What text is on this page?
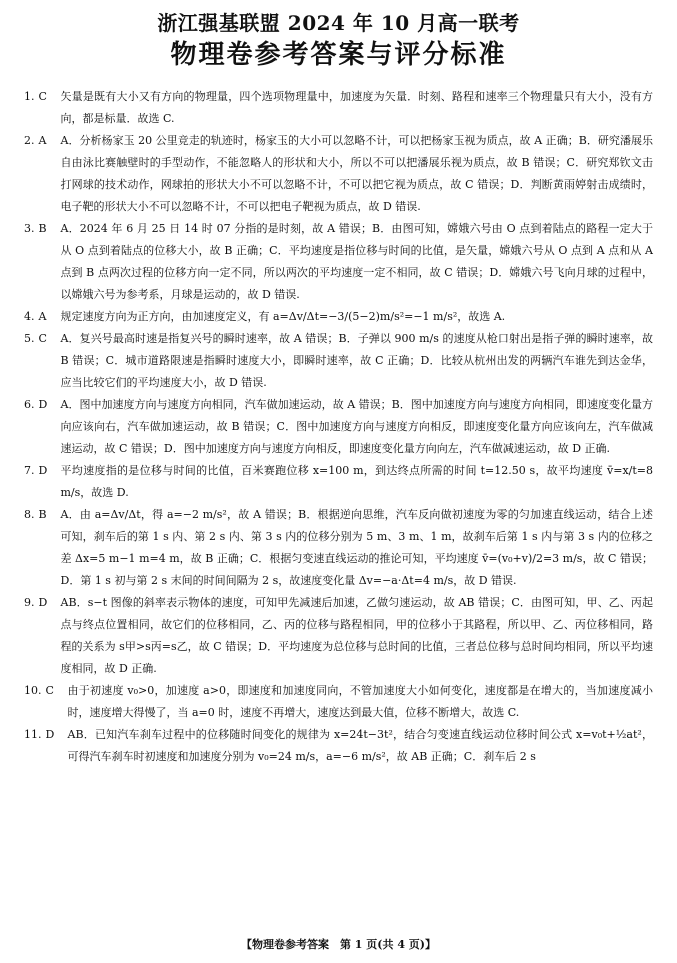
浙江强基联盟 2024 年 10 月高一联考
物理卷参考答案与评分标准
1. C	矢量是既有大小又有方向的物理量，四个选项物理量中，加速度为矢量．时刻、路程和速率三个物理量只有大小，没有方向，都是标量．故选 C.
2. A	A．分析杨家玉 20 公里竞走的轨迹时，杨家玉的大小可以忽略不计，可以把杨家玉视为质点，故 A 正确；B．研究潘展乐自由泳比赛触壁时的手型动作，不能忽略人的形状和大小，所以不可以把潘展乐视为质点，故 B 错误；C．研究郑钦文击打网球的技术动作，网球拍的形状大小不可以忽略不计，不可以把它视为质点，故 C 错误；D．判断黄雨婷射击成绩时，电子靶的形状大小不可以忽略不计，不可以把电子靶视为质点，故 D 错误.
3. B	A．2024 年 6 月 25 日 14 时 07 分指的是时刻，故 A 错误；B．由图可知，嫦娥六号由 O 点到着陆点的路程一定大于从 O 点到着陆点的位移大小，故 B 正确；C．平均速度是指位移与时间的比值，是矢量，嫦娥六号从 O 点到 A 点和从 A 点到 B 点两次过程的位移方向一定不同，所以两次的平均速度一定不相同，故 C 错误；D．嫦娥六号飞向月球的过程中，以嫦娥六号为参考系，月球是运动的，故 D 错误.
4. A	规定速度方向为正方向，由加速度定义，有 a=Δv/Δt=−3/(5−2)m/s²=−1 m/s²，故选 A.
5. C	A．复兴号最高时速是指复兴号的瞬时速率，故 A 错误；B．子弹以 900 m/s 的速度从枪口射出是指子弹的瞬时速率，故 B 错误；C．城市道路限速是指瞬时速度大小，即瞬时速率，故 C 正确；D．比较从杭州出发的两辆汽车谁先到达金华，应当比较它们的平均速度大小，故 D 错误.
6. D	A．图中加速度方向与速度方向相同，汽车做加速运动，故 A 错误；B．图中加速度方向与速度方向相同，即速度变化量方向应该向右，汽车做加速运动，故 B 错误；C．图中加速度方向与速度方向相反，即速度变化量方向应该向左，汽车做减速运动，故 C 错误；D．图中加速度方向与速度方向相反，即速度变化量方向向左，汽车做减速运动，故 D 正确.
7. D	平均速度指的是位移与时间的比值，百米赛跑位移 x=100 m，到达终点所需的时间 t=12.50 s，故平均速度 v̄=x/t=8 m/s，故选 D.
8. B	A．由 a=Δv/Δt，得 a=−2 m/s²，故 A 错误；B．根据逆向思维，汽车反向做初速度为零的匀加速直线运动，结合上述可知，刹车后的第 1 s 内、第 2 s 内、第 3 s 内的位移分别为 5 m、3 m、1 m，故刹车后第 1 s 内与第 3 s 内的位移之差 Δx=5 m−1 m=4 m，故 B 正确；C．根据匀变速直线运动的推论可知，平均速度 v̄=(v₀+v)/2=3 m/s，故 C 错误；D．第 1 s 初与第 2 s 末间的时间间隔为 2 s，故速度变化量 Δv=−a·Δt=4 m/s，故 D 错误.
9. D	AB．s−t 图像的斜率表示物体的速度，可知甲先减速后加速，乙做匀速运动，故 AB 错误；C．由图可知，甲、乙、丙起点与终点位置相同，故它们的位移相同，乙、丙的位移与路程相同，甲的位移小于其路程，所以甲、乙、丙位移相同，路程的关系为 s甲>s丙=s乙，故 C 错误；D．平均速度为总位移与总时间的比值，三者总位移与总时间均相同，所以平均速度相同，故 D 正确.
10. C	由于初速度 v₀>0，加速度 a>0，即速度和加速度同向，不管加速度大小如何变化，速度都是在增大的，当加速度减小时，速度增大得慢了，当 a=0 时，速度不再增大，速度达到最大值，位移不断增大，故选 C.
11. D	AB．已知汽车刹车过程中的位移随时间变化的规律为 x=24t−3t²，结合匀变速直线运动位移时间公式 x=v₀t+½at²，可得汽车刹车时初速度和加速度分别为 v₀=24 m/s，a=−6 m/s²，故 AB 正确；C．刹车后 2 s
【物理卷参考答案　第 1 页(共 4 页)】
